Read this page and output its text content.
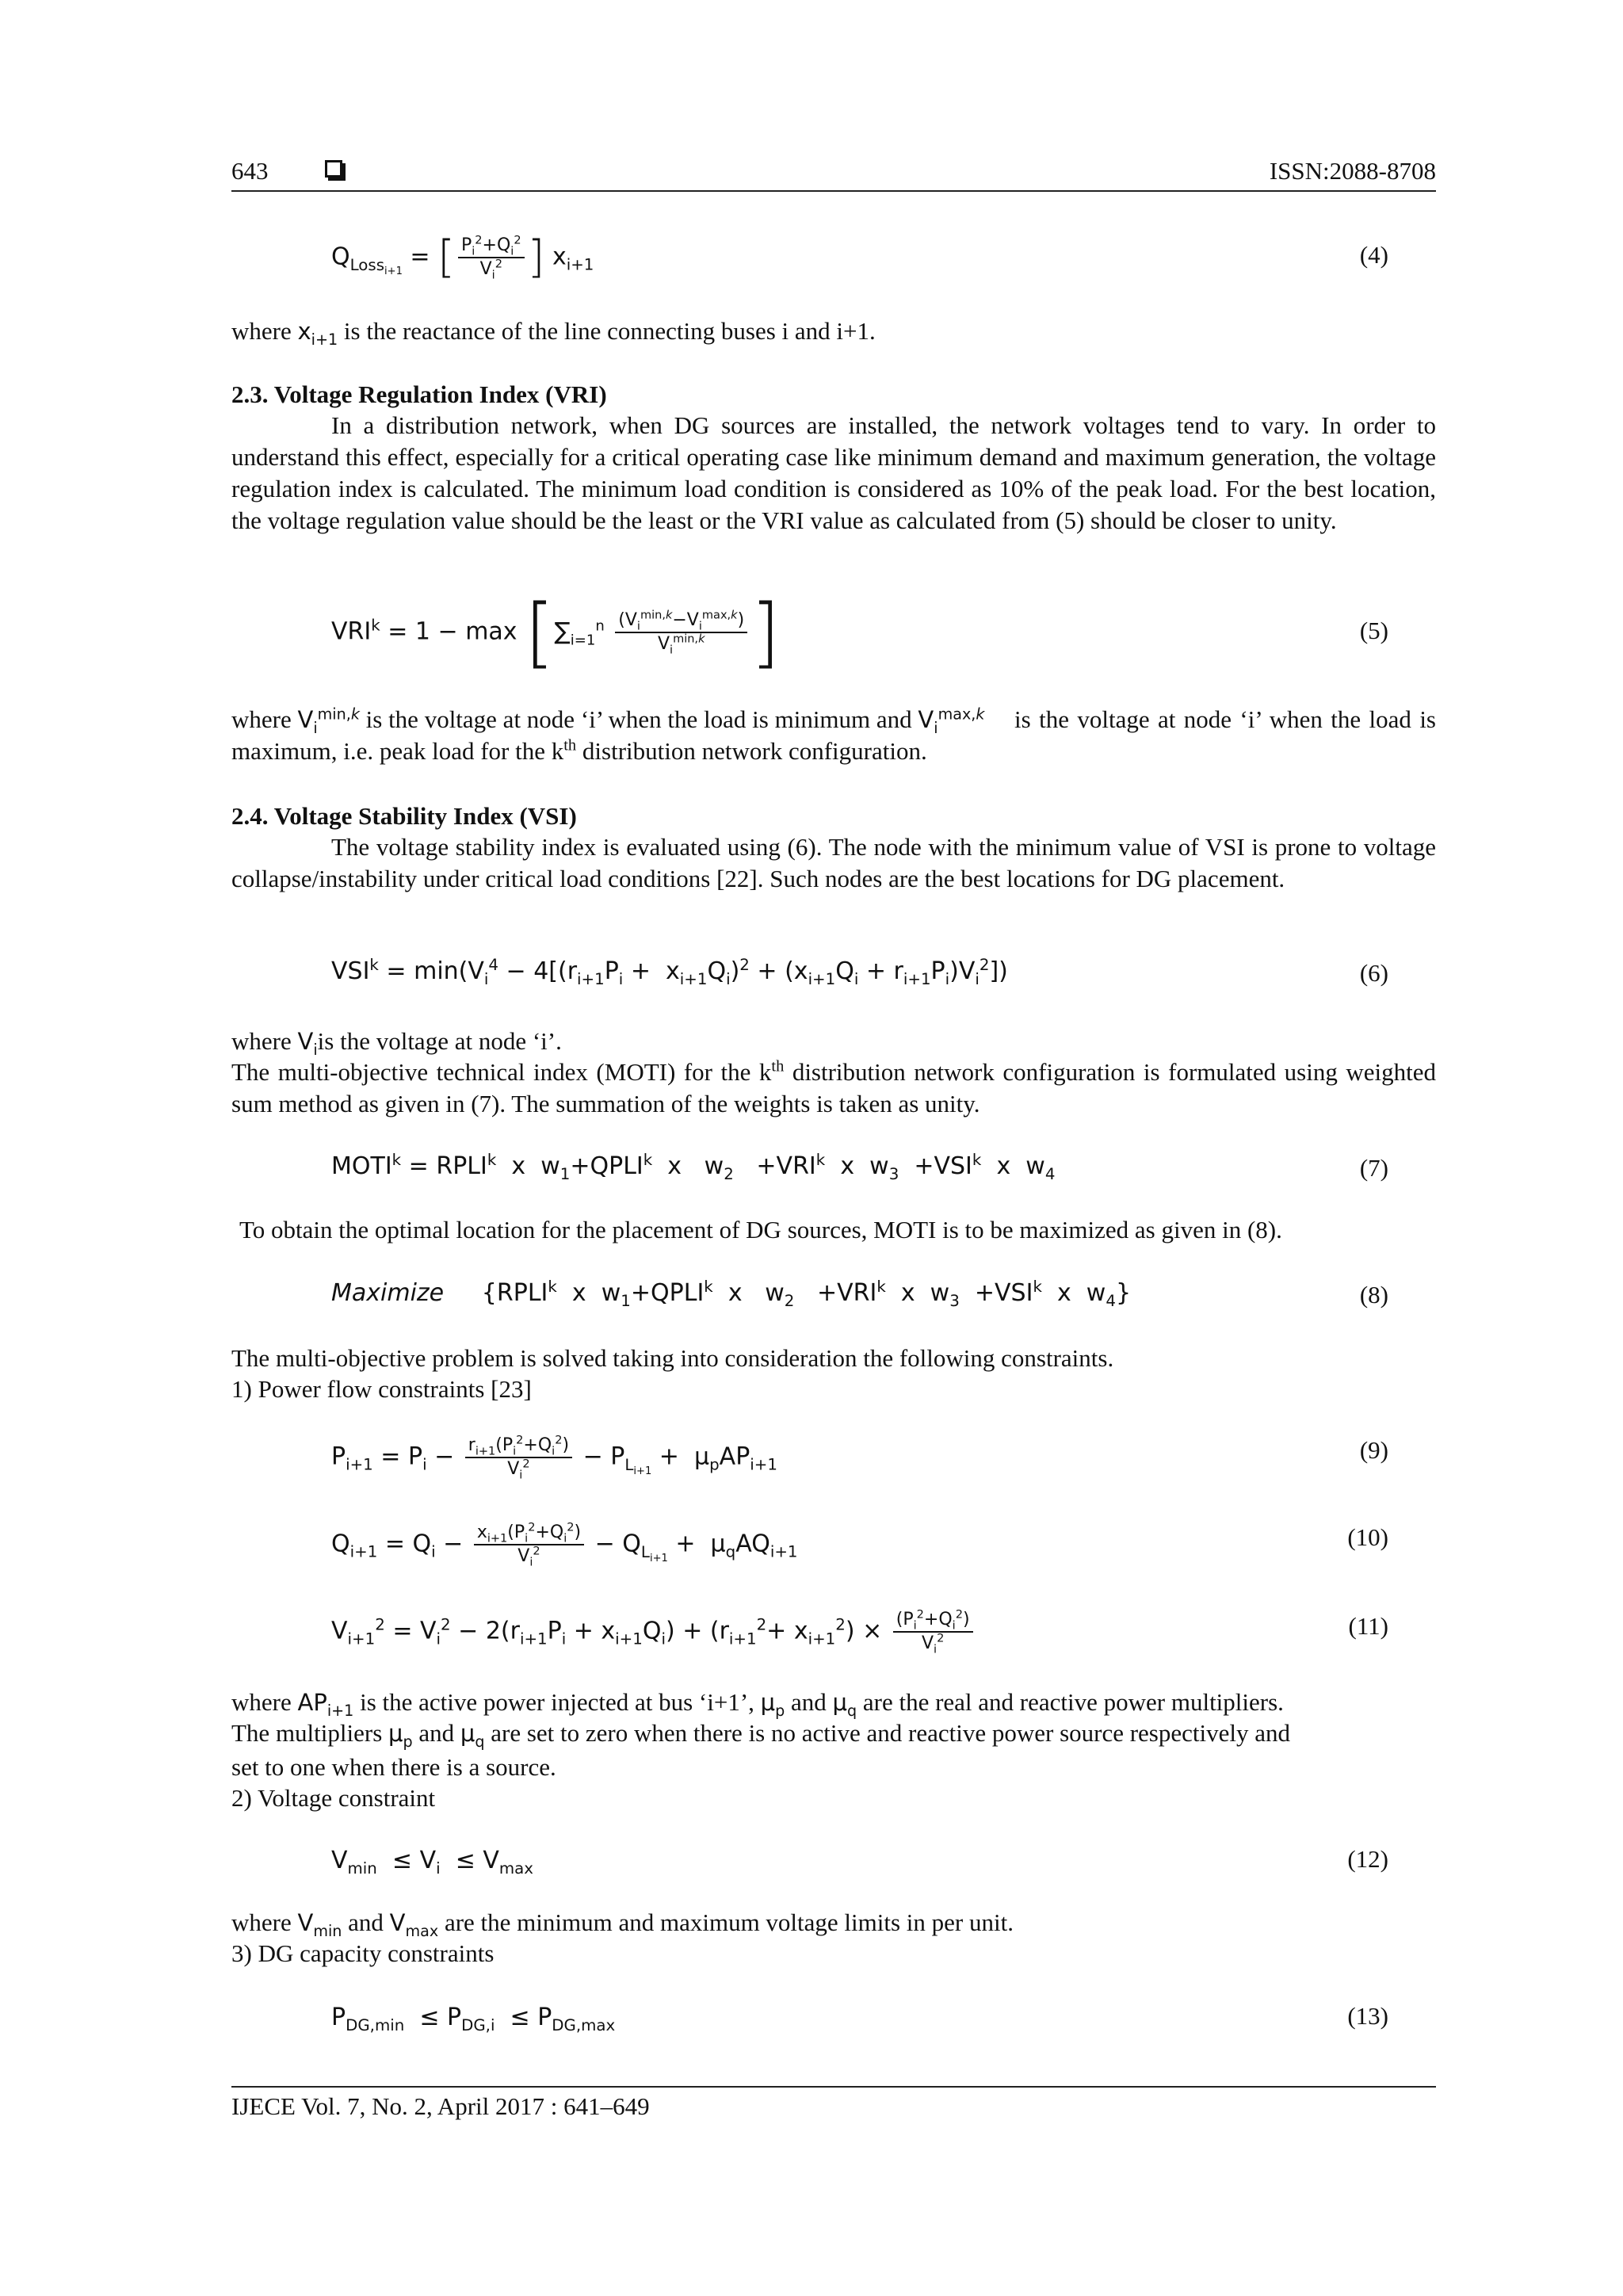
643	ISSN:2088-8708
$Q_{Loss_{i+1}}$ = [ $\frac{P_i^2+Q_i^2}{V_i^2}$ ] $x_{i+1}$	(4)
where $x_{i+1}$ is the reactance of the line connecting buses i and i+1.
2.3. Voltage Regulation Index (VRI)
In a distribution network, when DG sources are installed, the network voltages tend to vary. In order to understand this effect, especially for a critical operating case like minimum demand and maximum generation, the voltage regulation index is calculated. The minimum load condition is considered as 10% of the peak load. For the best location, the voltage regulation value should be the least or the VRI value as calculated from (5) should be closer to unity.
$VRI^k = 1 - \max [\sum_{i=1}^n \frac{(V_i^{min,k}-V_i^{max,k})}{V_i^{min,k}}$ ]	(5)
where $V_i^{min,k}$ is the voltage at node ‘i’ when the load is minimum and $V_i^{max,k}$ is the voltage at node ‘i’ when the load is maximum, i.e. peak load for the $k^{th}$ distribution network configuration.
2.4. Voltage Stability Index (VSI)
The voltage stability index is evaluated using (6). The node with the minimum value of VSI is prone to voltage collapse/instability under critical load conditions [22]. Such nodes are the best locations for DG placement.
$VSI^k = \min(V_i^4 - 4[(r_{i+1}P_i + x_{i+1}Q_i)^2 + (x_{i+1}Q_i + r_{i+1}P_i)V_i^2])$	(6)
where $V_iis$ the voltage at node ‘i’.
The multi-objective technical index (MOTI) for the $k^{th}$ distribution network configuration is formulated using weighted sum method as given in (7). The summation of the weights is taken as unity.
$MOTI^k$ = $RPLI^k$  x  $w_1+QPLI^k$  x   $w_2 +VRI^k$  x  $w_3 +VSI^k$  x  $w_4$	(7)
To obtain the optimal location for the placement of DG sources, MOTI is to be maximized as given in (8).
Maximize     {RPLI$^k$  x  $w_1+QPLI^k$  x   $w_2 +VRI^k$  x  $w_3 +VSI^k$  x  $w_4$}	(8)
The multi-objective problem is solved taking into consideration the following constraints.
1) Power flow constraints [23]
$P_{i+1} = P_i - \frac{r_{i+1}(P_i^2+Q_i^2)}{V_i^2} - P_{L_{i+1}} + \mu_pAP_{i+1}$
(9)
$Q_{i+1} = Q_i - \frac{x_{i+1}(P_i^2+Q_i^2)}{V_i^2} - Q_{L_{i+1}} + \mu_qAQ_{i+1}$
(10)
$V_{i+1}^2 = V_i^2 - 2(r_{i+1}P_i + x_{i+1}Q_i) + (r_{i+1}^2+ x_{i+1}^2) \times \frac{(P_i^2+Q_i^2)}{V_i^2}$	(11)
where $AP_{i+1}$ is the active power injected at bus ‘i+1’, $\mu_p$ and $\mu_q$ are the real and reactive power multipliers.
The multipliers $\mu_p$ and $\mu_q$ are set to zero when there is no active and reactive power source respectively and
set to one when there is a source.
2) Voltage constraint
$V_{min} \le V_i \le V_{max}$	(12)
where $V_{min}$ and $V_{max}$ are the minimum and maximum voltage limits in per unit.
3) DG capacity constraints
$P_{DG,min} \le P_{DG,i} \le P_{DG,max}$	(13)
IJECE Vol. 7, No. 2, April 2017 : 641–649
